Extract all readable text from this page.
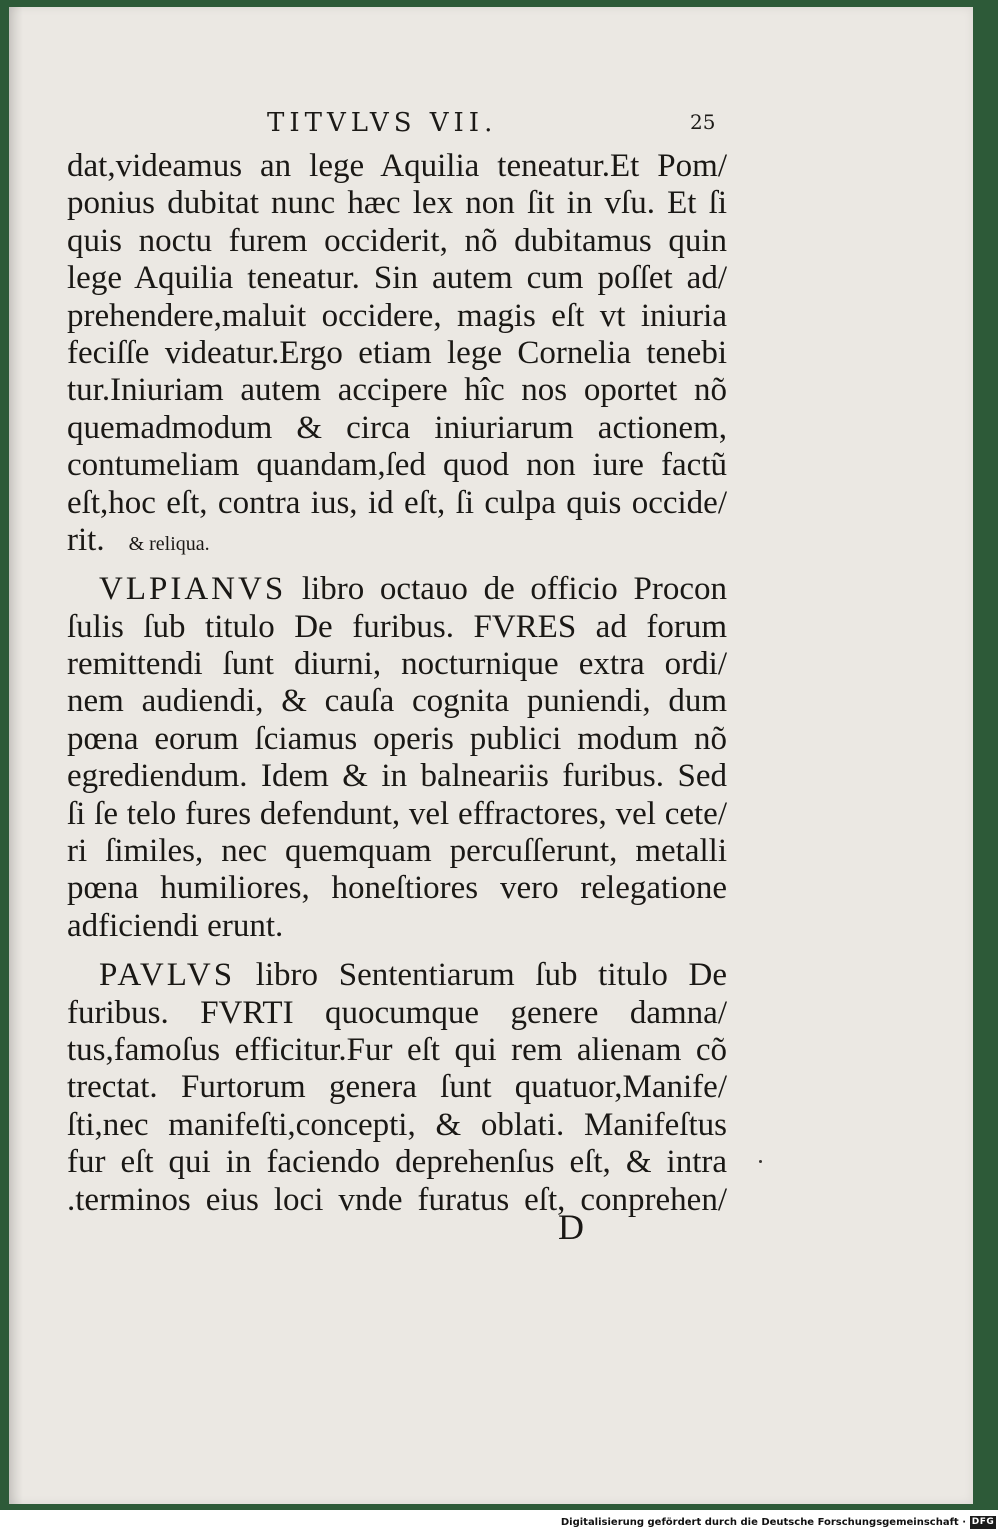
TITVLVS VII.	25
dat,videamus an lege Aquilia teneatur.Et Pom/
ponius dubitat nunc hæc lex non ſit in vſu. Et ſi
quis noctu furem occiderit, nõ dubitamus quin
lege Aquilia teneatur. Sin autem cum poſſet ad/
prehendere,maluit occidere, magis eſt vt iniuria
feciſſe videatur.Ergo etiam lege Cornelia tenebi
tur.Iniuriam autem accipere hîc nos oportet nõ
quemadmodum & circa iniuriarum actionem,
contumeliam quandam,ſed quod non iure factũ
eſt,hoc eſt, contra ius, id eſt, ſi culpa quis occide/
rit. & reliqua.
VLPIANVS libro octauo de officio Procon
ſulis ſub titulo De furibus. FVRES ad forum
remittendi ſunt diurni, nocturnique extra ordi/
nem audiendi, & cauſa cognita puniendi, dum
pœna eorum ſciamus operis publici modum nõ
egrediendum. Idem & in balneariis furibus. Sed
ſi ſe telo fures defendunt, vel effractores, vel cete/
ri ſimiles, nec quemquam percuſſerunt, metalli
pœna humiliores, honeſtiores vero relegatione
adficiendi erunt.
PAVLVS libro Sententiarum ſub titulo De
furibus. FVRTI quocumque genere damna/
tus,famoſus efficitur.Fur eſt qui rem alienam cõ
trectat. Furtorum genera ſunt quatuor,Manife/
ſti,nec manifeſti,concepti, & oblati. Manifeſtus
fur eſt qui in faciendo deprehenſus eſt, & intra
.terminos eius loci vnde furatus eſt, conprehen/
D
Digitalisierung gefördert durch die Deutsche Forschungsgemeinschaft · DFG
